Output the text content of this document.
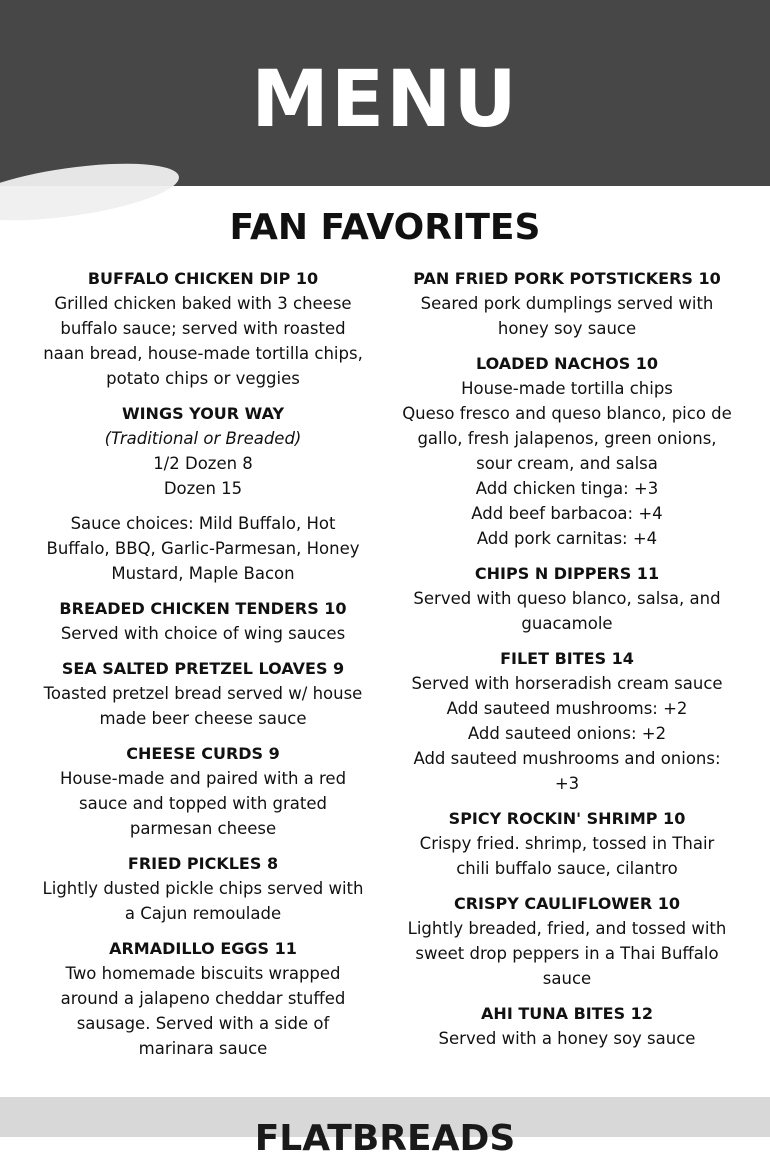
MENU
FAN FAVORITES
BUFFALO CHICKEN DIP 10
Grilled chicken baked with 3 cheese buffalo sauce; served with roasted naan bread, house-made tortilla chips, potato chips or veggies
WINGS YOUR WAY
(Traditional or Breaded)
1/2 Dozen 8
Dozen 15
Sauce choices: Mild Buffalo, Hot Buffalo, BBQ, Garlic-Parmesan, Honey Mustard, Maple Bacon
BREADED CHICKEN TENDERS 10
Served with choice of wing sauces
SEA SALTED PRETZEL LOAVES 9
Toasted pretzel bread served w/ house made beer cheese sauce
CHEESE CURDS 9
House-made and paired with a red sauce and topped with grated parmesan cheese
FRIED PICKLES 8
Lightly dusted pickle chips served with a Cajun remoulade
ARMADILLO EGGS 11
Two homemade biscuits wrapped around a jalapeno cheddar stuffed sausage. Served with a side of marinara sauce
PAN FRIED PORK POTSTICKERS 10
Seared pork dumplings served with honey soy sauce
LOADED NACHOS 10
House-made tortilla chips
Queso fresco and queso blanco, pico de gallo, fresh jalapenos, green onions, sour cream, and salsa
Add chicken tinga: +3
Add beef barbacoa: +4
Add pork carnitas: +4
CHIPS N DIPPERS 11
Served with queso blanco, salsa, and guacamole
FILET BITES 14
Served with horseradish cream sauce
Add sauteed mushrooms: +2
Add sauteed onions: +2
Add sauteed mushrooms and onions: +3
SPICY ROCKIN' SHRIMP 10
Crispy fried. shrimp, tossed in Thair chili buffalo sauce, cilantro
CRISPY CAULIFLOWER 10
Lightly breaded, fried, and tossed with sweet drop peppers in a Thai Buffalo sauce
AHI TUNA BITES 12
Served with a honey soy sauce
FLATBREADS
